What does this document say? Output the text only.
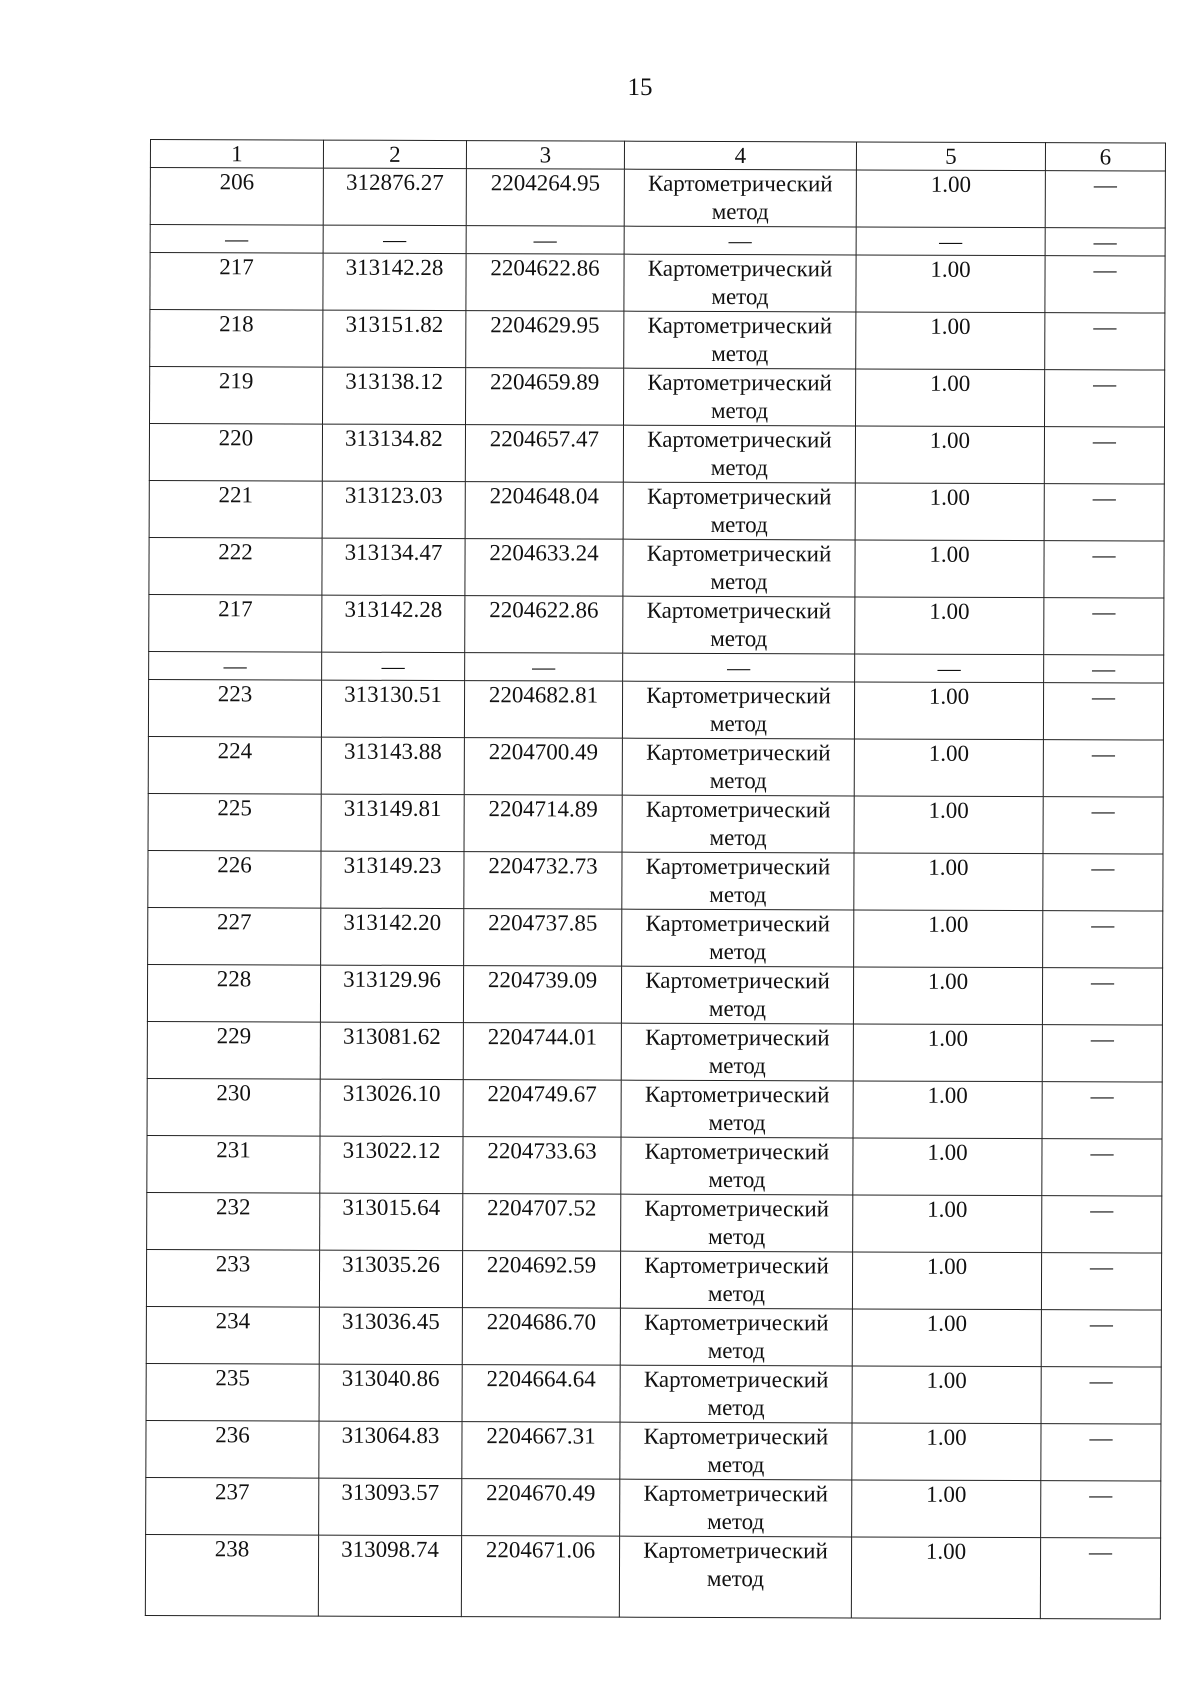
15
1	2	3	4	5	6
206	312876.27	2204264.95	Картометрический метод	1.00	—
—	—	—	—	—	—
217	313142.28	2204622.86	Картометрический метод	1.00	—
218	313151.82	2204629.95	Картометрический метод	1.00	—
219	313138.12	2204659.89	Картометрический метод	1.00	—
220	313134.82	2204657.47	Картометрический метод	1.00	—
221	313123.03	2204648.04	Картометрический метод	1.00	—
222	313134.47	2204633.24	Картометрический метод	1.00	—
217	313142.28	2204622.86	Картометрический метод	1.00	—
—	—	—	—	—	—
223	313130.51	2204682.81	Картометрический метод	1.00	—
224	313143.88	2204700.49	Картометрический метод	1.00	—
225	313149.81	2204714.89	Картометрический метод	1.00	—
226	313149.23	2204732.73	Картометрический метод	1.00	—
227	313142.20	2204737.85	Картометрический метод	1.00	—
228	313129.96	2204739.09	Картометрический метод	1.00	—
229	313081.62	2204744.01	Картометрический метод	1.00	—
230	313026.10	2204749.67	Картометрический метод	1.00	—
231	313022.12	2204733.63	Картометрический метод	1.00	—
232	313015.64	2204707.52	Картометрический метод	1.00	—
233	313035.26	2204692.59	Картометрический метод	1.00	—
234	313036.45	2204686.70	Картометрический метод	1.00	—
235	313040.86	2204664.64	Картометрический метод	1.00	—
236	313064.83	2204667.31	Картометрический метод	1.00	—
237	313093.57	2204670.49	Картометрический метод	1.00	—
238	313098.74	2204671.06	Картометрический метод	1.00	—
